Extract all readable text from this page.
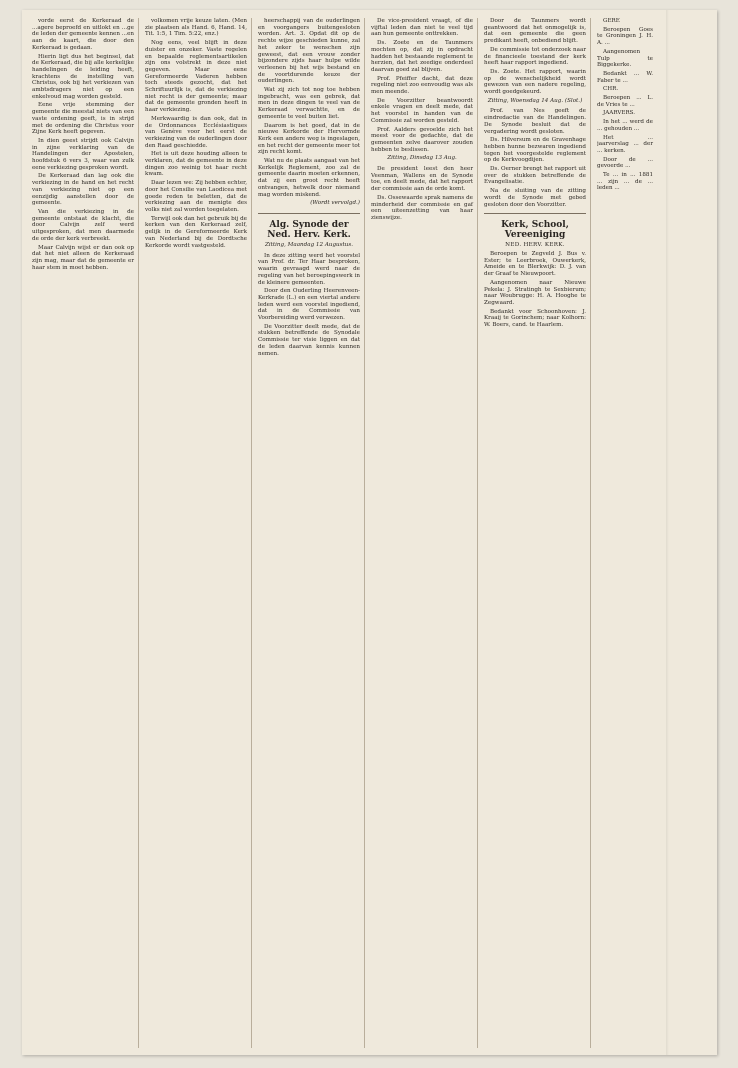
vorde eerst de Kerkeraad de ...agere beproefd en uitlokt en ...ge de leden der gemeente kennen ...en aan de kaart, die door den Kerkeraad is gedaan.

Hierin ligt dus het beginsel, dat de Kerkeraad, die bij alle kerkelijke handelingen de leiding heeft, krachtens de instelling van Christus, ook bij het verkiezen van ambtsdragers niet op een enkelvoud mag worden gesteld.

Eene vrije stemming der gemeente die meestal niets van een vaste ordening geeft, is in strijd met de ordening die Christus voor Zijne Kerk heeft gegeven.

In dien geest strijdt ook Calvijn in zijne verklaring van de Handelingen der Apostelen, hoofdstuk 6 vers 3, waar van zulk eene verkiezing gesproken wordt.

De Kerkeraad dan lag ook die verkiezing in de hand en het recht van verkiezing niet op een eenzijdig aanstellen door de gemeente.

Van die verkiezing in de gemeente ontstaat de klacht, die door Calvijn zelf werd uitgesproken, dat men daarmede de orde der kerk verbreekt.

Maar Calvijn wijst er dan ook op dat het niet alleen de Kerkeraad zijn mag, maar dat de gemeente er haar stem in moet hebben.

volkomen vrije keuze laten. (Men zie plaatsen als Hand. 6, Hand. 14, Tit. 1:5, 1 Tim. 5:22, enz.)

Nog eens, veel blijft in deze duister en onzeker. Vaste regelen en bepaalde reglementsartikelen zijn ons volstrekt in deze niet gegeven. Maar eene Gereformeerde Vaderen hebben toch steeds gezocht, dat het Schriftuurlijk is, dat de verkiezing niet recht is der gemeente; maar dat de gemeente gronden heeft in haar verkiezing.

Merkwaardig is dan ook, dat in de Ordonnances Ecclésiastiques van Genève voor het eerst de verkiezing van de ouderlingen door den Raad geschiedde.

Het is uit deze houding alleen te verklaren, dat de gemeente in deze dingen zoo weinig tot haar recht kwam.

Daar lezen we: Zij hebben echter, door het Consilie van Laodicea met goede reden te beletten, dat de verkiezing aan de menigte des volks niet zal worden toegelaten.

Terwijl ook dan het gebruik bij de kerken van den Kerkeraad zelf, gelijk in de Gereformeerde Kerk van Nederland bij de Dordtsche Kerkorde wordt vastgesteld.

heerschappij van de ouderlingen en voorgangers buitengesloten worden. Art. 3. Opdat dit op de rechte wijze geschieden kunne, zal het zeker te wenschen zijn geweest, dat een vrouw zonder bijzondere zijds haar hulpe wilde verleenen bij het wijs bestand en de voortdurende keuze der ouderlingen.

Wat zij zich tot nog toe hebben ingebracht, was een gebrek, dat men in deze dingen te veel van de Kerkeraad verwachtte, en de gemeente te veel buiten liet.

Daarom is het goed, dat in de nieuwe Kerkorde der Hervormde Kerk een andere weg is ingeslagen, en het recht der gemeente meer tot zijn recht komt.

Wat nu de plaats aangaat van het Kerkelijk Reglement, zoo zal de gemeente daarin moeten erkennen, dat zij een groot recht heeft ontvangen, hetwelk door niemand mag worden miskend.

(Wordt vervolgd.)
Alg. Synode der Ned. Herv. Kerk.
Zitting, Maandag 12 Augustus.

In deze zitting werd het voorstel van Prof. dr. Ter Haar besproken, waarin gevraagd werd naar de regeling van het beroepingswerk in de kleinere gemeenten.

Door den Ouderling Heerenveen-Kerkrade (L.) en een viertal andere leden werd een voorstel ingediend, dat in de Commissie van Voorbereiding werd verwezen.

De Voorzitter deelt mede, dat de stukken betreffende de Synodale Commissie ter visie liggen en dat de leden daarvan kennis kunnen nemen.

De vice-president vraagt, of die vijftal leden dan niet te veel tijd aan hun gemeente onttrekken.

Ds. Zoete en de Taunmers mochten op, dat zij in opdracht hadden het bestaande reglement te herzien, dat het zeedige onderdeel daarvan goed zal blijven.

Prof. Pfeiffer dacht, dat deze regeling niet zoo eenvoudig was als men meende.

De Voorzitter beantwoordt enkele vragen en deelt mede, dat het voorstel in handen van de Commissie zal worden gesteld.

Prof. Aalders gevoelde zich het meest voor de gedachte, dat de gemeenten zelve daarover zouden hebben te beslissen.

Zitting, Dinsdag 13 Aug.

De president leest den heer Veenman, Wallens en de Synode toe, en deelt mede, dat het rapport der commissie aan de orde komt.

Ds. Ossewaarde sprak namens de minderheid der commissie en gaf een uiteenzetting van haar zienswijze.

Door de Taunmers wordt geantwoord dat het onmogelijk is, dat een gemeente die geen predikant heeft, onbediend blijft.

De commissie tot onderzoek naar de financieele toestand der kerk heeft haar rapport ingediend.

Ds. Zoete. Het rapport, waarin op de wenschelijkheid wordt gewezen van een nadere regeling, wordt goedgekeurd.

Zitting, Woensdag 14 Aug. (Slot.)

Prof. van Nes geeft de eindredactie van de Handelingen. De Synode besluit dat de vergadering wordt gesloten.

Ds. Hilversum en de Gravenhage hebben hunne bezwaren ingediend tegen het voorgestelde reglement op de Kerkvoogdijen.

Ds. Oerner brengt het rapport uit over de stukken betreffende de Evangelisatie.

Na de sluiting van de zitting wordt de Synode met gebed gesloten door den Voorzitter.

Kerk, School, Vereeniging
NED. HERV. KERK.

Beroepen te Zegveld J. Bus v. Ester; te Leerbroek, Ouwerkerk, Ameide en te Blerkwijk: D. J. van der Graaf te Nieuwpoort.

Aangenomen naar Nieuwe Pekela: J. Stratingh te Sexbierum; naar Woubrugge: H. A. Hooghe te Zegwaard.

Bedankt voor Schoonhoven: J. Kraaij te Gorinchem; naar Kolhorn: W. Boers, cand. te Haarlem.

GERE

Beroepen Goes te Groningen J. H. A. ...

Aangenomen Tulp te Biggekerke.

Bedankt ... W. Faber te ...

CHR.

Beroepen ... L. de Vries te ...

JAARVERS.

In het ... werd de ... gehouden ...

Het ... jaarverslag ... der ... kerken.

Door de ... gevoerde ...

Te ... in ... 1881 ... zijn ... de ... leden ...
